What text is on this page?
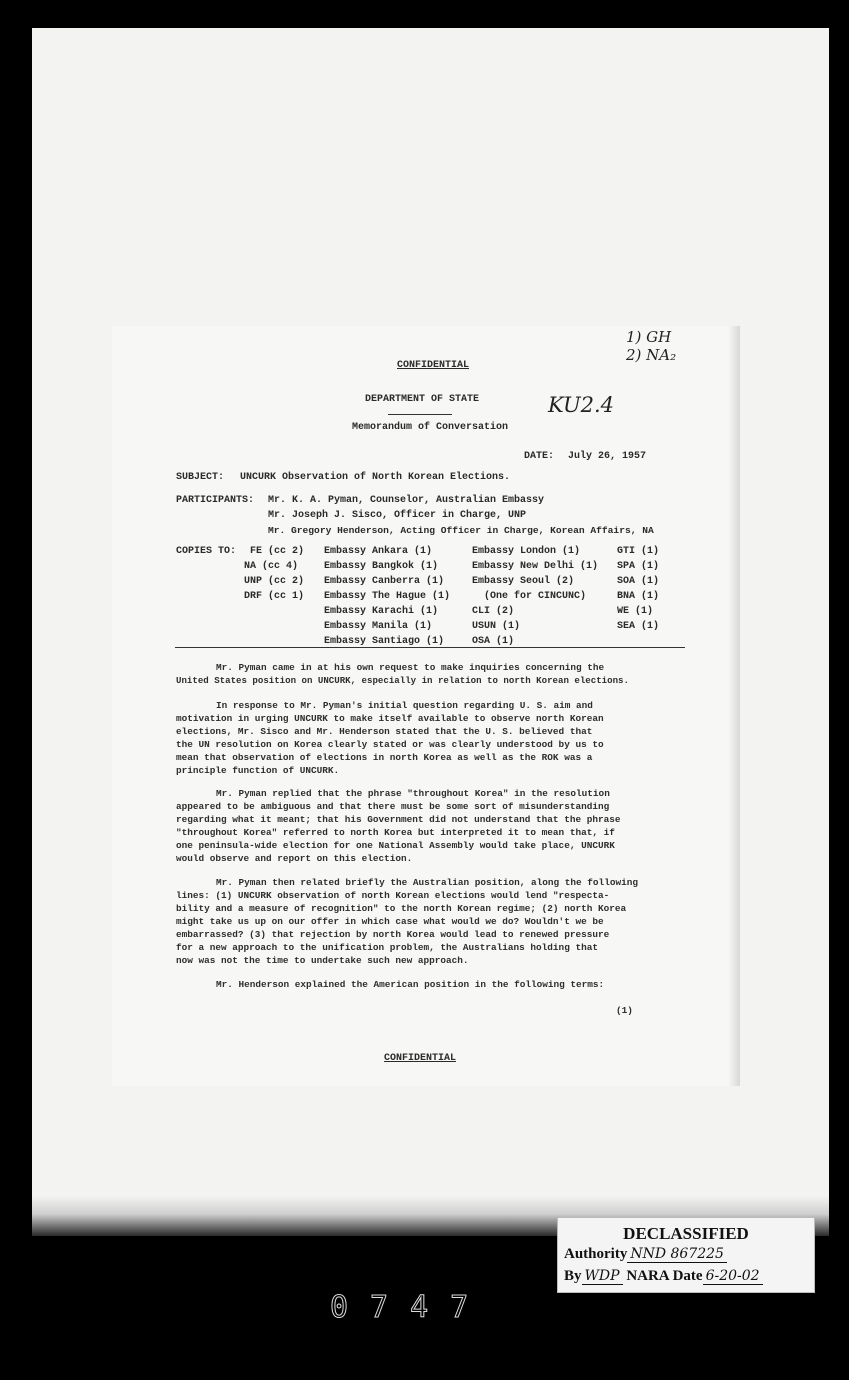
CONFIDENTIAL
DEPARTMENT OF STATE
Memorandum of Conversation
1) GH
2) NA₂
KU2.4
DATE: July 26, 1957
SUBJECT: UNCURK Observation of North Korean Elections.
PARTICIPANTS: Mr. K. A. Pyman, Counselor, Australian Embassy
Mr. Joseph J. Sisco, Officer in Charge, UNP
Mr. Gregory Henderson, Acting Officer in Charge, Korean Affairs, NA
COPIES TO: FE (cc 2)
NA (cc 4)
UNP (cc 2)
DRF (cc 1)
Embassy Ankara (1)
Embassy Bangkok (1)
Embassy Canberra (1)
Embassy The Hague (1)
Embassy Karachi (1)
Embassy Manila (1)
Embassy Santiago (1)
Embassy London (1)
Embassy New Delhi (1)
Embassy Seoul (2)
(One for CINCUNC)
CLI (2)
USUN (1)
OSA (1)
GTI (1)
SPA (1)
SOA (1)
BNA (1)
WE (1)
SEA (1)
Mr. Pyman came in at his own request to make inquiries concerning the
United States position on UNCURK, especially in relation to north Korean elections.
In response to Mr. Pyman's initial question regarding U. S. aim and
motivation in urging UNCURK to make itself available to observe north Korean
elections, Mr. Sisco and Mr. Henderson stated that the U. S. believed that
the UN resolution on Korea clearly stated or was clearly understood by us to
mean that observation of elections in north Korea as well as the ROK was a
principle function of UNCURK.
Mr. Pyman replied that the phrase "throughout Korea" in the resolution
appeared to be ambiguous and that there must be some sort of misunderstanding
regarding what it meant; that his Government did not understand that the phrase
"throughout Korea" referred to north Korea but interpreted it to mean that, if
one peninsula-wide election for one National Assembly would take place, UNCURK
would observe and report on this election.
Mr. Pyman then related briefly the Australian position, along the following
lines: (1) UNCURK observation of north Korean elections would lend "respecta-
bility and a measure of recognition" to the north Korean regime; (2) north Korea
might take us up on our offer in which case what would we do? Wouldn't we be
embarrassed? (3) that rejection by north Korea would lead to renewed pressure
for a new approach to the unification problem, the Australians holding that
now was not the time to undertake such new approach.
Mr. Henderson explained the American position in the following terms:
(1)
CONFIDENTIAL
DECLASSIFIED
Authority NND 867225
By WDP NARA Date 6-20-02
0747
